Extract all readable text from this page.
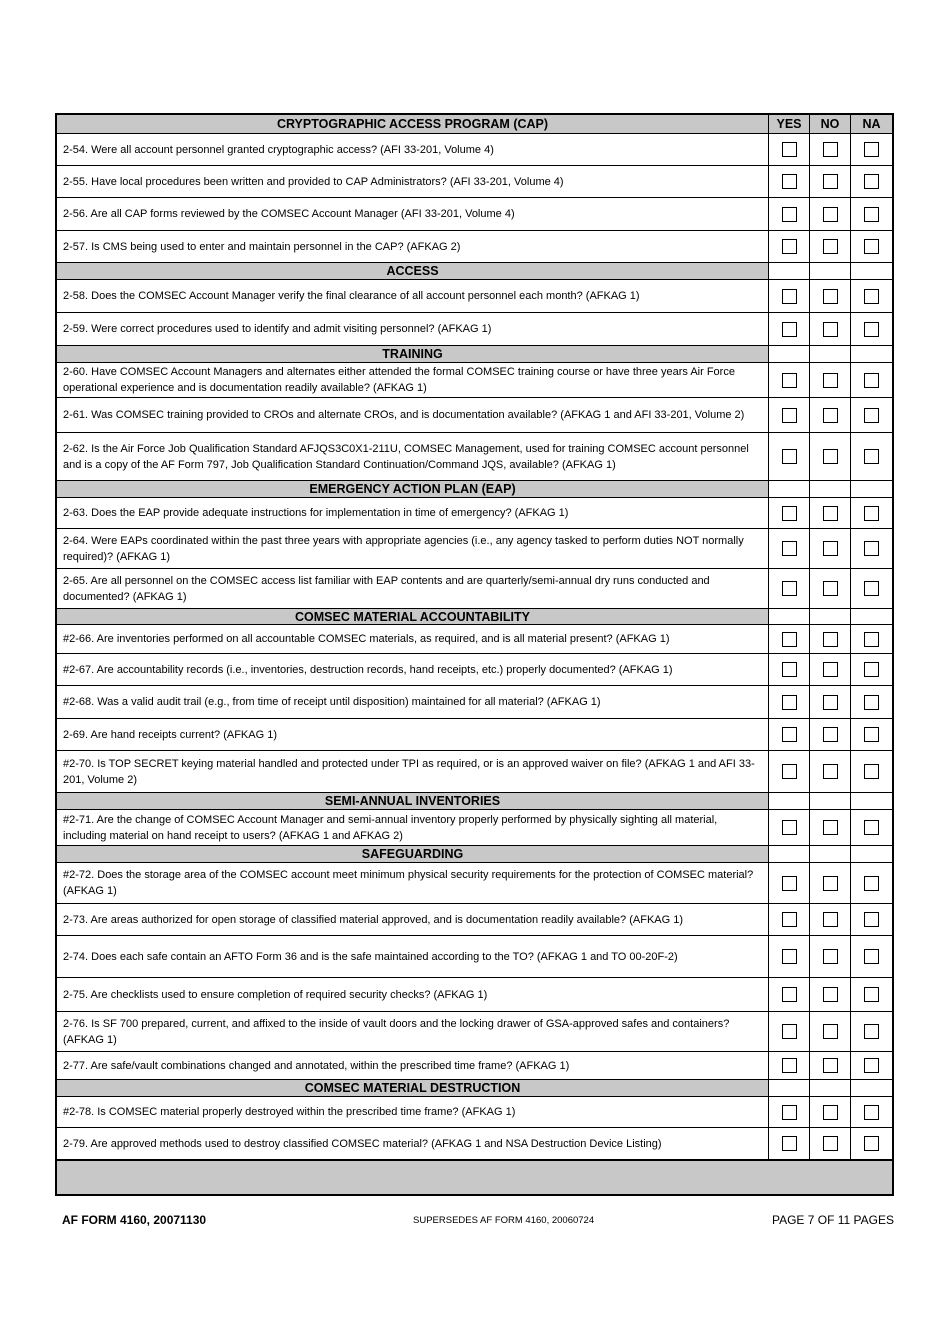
CRYPTOGRAPHIC ACCESS PROGRAM (CAP)	YES	NO	NA
2-54. Were all account personnel granted cryptographic access? (AFI 33-201, Volume 4)
2-55. Have local procedures been written and provided to CAP Administrators? (AFI 33-201, Volume 4)
2-56. Are all CAP forms reviewed by the COMSEC Account Manager (AFI 33-201, Volume 4)
2-57. Is CMS being used to enter and maintain personnel in the CAP? (AFKAG 2)
ACCESS
2-58. Does the COMSEC Account Manager verify the final clearance of all account personnel each month? (AFKAG 1)
2-59. Were correct procedures used to identify and admit visiting personnel? (AFKAG 1)
TRAINING
2-60. Have COMSEC Account Managers and alternates either attended the formal COMSEC training course or have three years Air Force operational experience and is documentation readily available? (AFKAG 1)
2-61. Was COMSEC training provided to CROs and alternate CROs, and is documentation available? (AFKAG 1 and AFI 33-201, Volume 2)
2-62. Is the Air Force Job Qualification Standard AFJQS3C0X1-211U, COMSEC Management, used for training COMSEC account personnel and is a copy of the AF Form 797, Job Qualification Standard Continuation/Command JQS, available? (AFKAG 1)
EMERGENCY ACTION PLAN (EAP)
2-63. Does the EAP provide adequate instructions for implementation in time of emergency? (AFKAG 1)
2-64. Were EAPs coordinated within the past three years with appropriate agencies (i.e., any agency tasked to perform duties NOT normally required)? (AFKAG 1)
2-65. Are all personnel on the COMSEC access list familiar with EAP contents and are quarterly/semi-annual dry runs conducted and documented? (AFKAG 1)
COMSEC MATERIAL ACCOUNTABILITY
#2-66. Are inventories performed on all accountable COMSEC materials, as required, and is all material present? (AFKAG 1)
#2-67. Are accountability records (i.e., inventories, destruction records, hand receipts, etc.) properly documented? (AFKAG 1)
#2-68. Was a valid audit trail (e.g., from time of receipt until disposition) maintained for all material? (AFKAG 1)
2-69. Are hand receipts current? (AFKAG 1)
#2-70. Is TOP SECRET keying material handled and protected under TPI as required, or is an approved waiver on file? (AFKAG 1 and AFI 33-201, Volume 2)
SEMI-ANNUAL INVENTORIES
#2-71. Are the change of COMSEC Account Manager and semi-annual inventory properly performed by physically sighting all material, including material on hand receipt to users? (AFKAG 1 and AFKAG 2)
SAFEGUARDING
#2-72. Does the storage area of the COMSEC account meet minimum physical security requirements for the protection of COMSEC material? (AFKAG 1)
2-73. Are areas authorized for open storage of classified material approved, and is documentation readily available? (AFKAG 1)
2-74. Does each safe contain an AFTO Form 36 and is the safe maintained according to the TO? (AFKAG 1 and TO 00-20F-2)
2-75. Are checklists used to ensure completion of required security checks? (AFKAG 1)
2-76. Is SF 700 prepared, current, and affixed to the inside of vault doors and the locking drawer of GSA-approved safes and containers? (AFKAG 1)
2-77. Are safe/vault combinations changed and annotated, within the prescribed time frame? (AFKAG 1)
COMSEC MATERIAL DESTRUCTION
#2-78. Is COMSEC material properly destroyed within the prescribed time frame? (AFKAG 1)
2-79. Are approved methods used to destroy classified COMSEC material? (AFKAG 1 and NSA Destruction Device Listing)
AF FORM 4160, 20071130	SUPERSEDES AF FORM 4160, 20060724	PAGE 7 OF 11 PAGES
